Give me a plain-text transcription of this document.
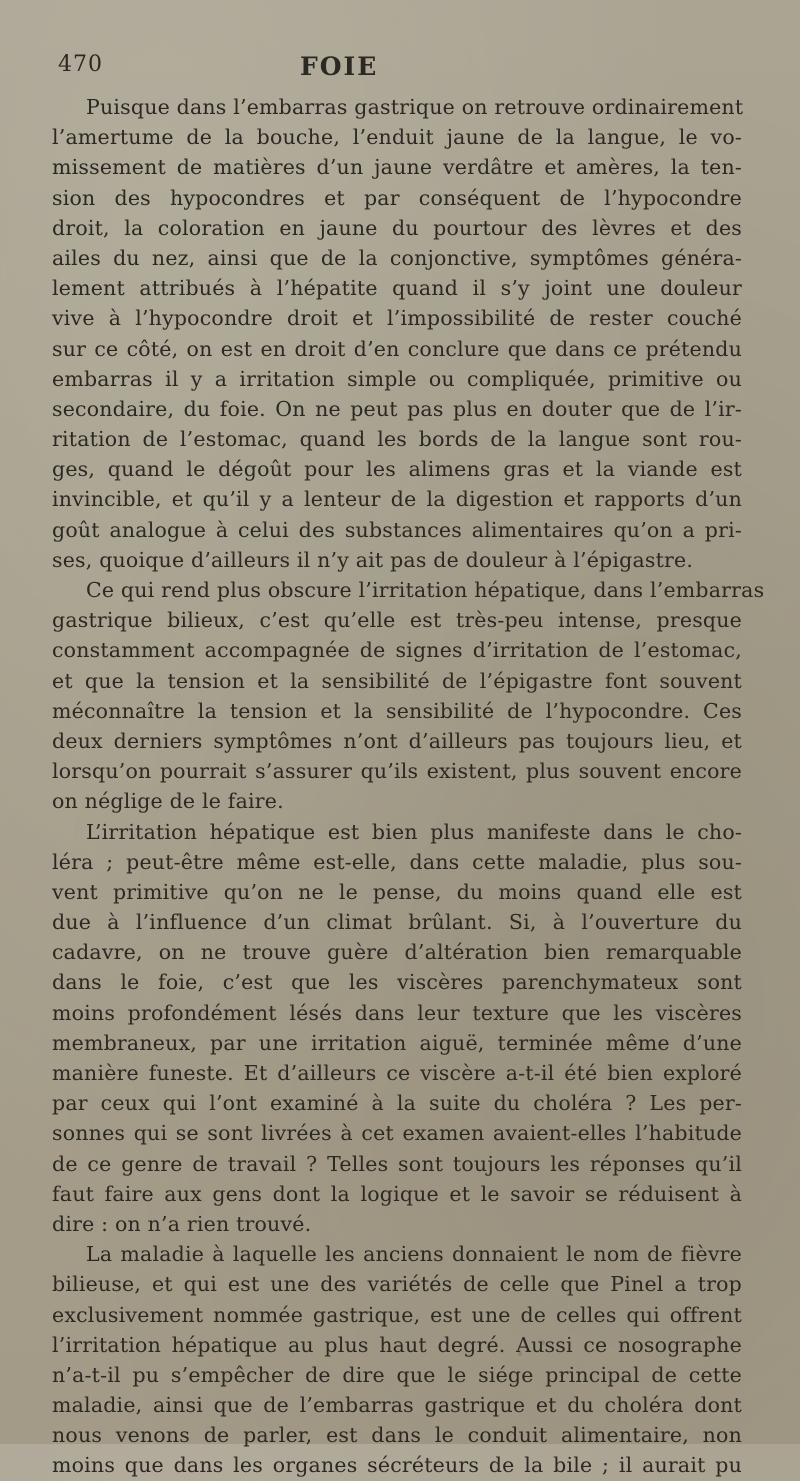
470	FOIE
Puisque dans l’embarras gastrique on retrouve ordinairement
l’amertume de la bouche, l’enduit jaune de la langue, le vo-
missement de matières d’un jaune verdâtre et amères, la ten-
sion des hypocondres et par conséquent de l’hypocondre
droit, la coloration en jaune du pourtour des lèvres et des
ailes du nez, ainsi que de la conjonctive, symptômes généra-
lement attribués à l’hépatite quand il s’y joint une douleur
vive à l’hypocondre droit et l’impossibilité de rester couché
sur ce côté, on est en droit d’en conclure que dans ce prétendu
embarras il y a irritation simple ou compliquée, primitive ou
secondaire, du foie. On ne peut pas plus en douter que de l’ir-
ritation de l’estomac, quand les bords de la langue sont rou-
ges, quand le dégoût pour les alimens gras et la viande est
invincible, et qu’il y a lenteur de la digestion et rapports d’un
goût analogue à celui des substances alimentaires qu’on a pri-
ses, quoique d’ailleurs il n’y ait pas de douleur à l’épigastre.
Ce qui rend plus obscure l’irritation hépatique, dans l’embarras
gastrique bilieux, c’est qu’elle est très-peu intense, presque
constamment accompagnée de signes d’irritation de l’estomac,
et que la tension et la sensibilité de l’épigastre font souvent
méconnaître la tension et la sensibilité de l’hypocondre. Ces
deux derniers symptômes n’ont d’ailleurs pas toujours lieu, et
lorsqu’on pourrait s’assurer qu’ils existent, plus souvent encore
on néglige de le faire.
L’irritation hépatique est bien plus manifeste dans le cho-
léra ; peut-être même est-elle, dans cette maladie, plus sou-
vent primitive qu’on ne le pense, du moins quand elle est
due à l’influence d’un climat brûlant. Si, à l’ouverture du
cadavre, on ne trouve guère d’altération bien remarquable
dans le foie, c’est que les viscères parenchymateux sont
moins profondément lésés dans leur texture que les viscères
membraneux, par une irritation aiguë, terminée même d’une
manière funeste. Et d’ailleurs ce viscère a-t-il été bien exploré
par ceux qui l’ont examiné à la suite du choléra ? Les per-
sonnes qui se sont livrées à cet examen avaient-elles l’habitude
de ce genre de travail ? Telles sont toujours les réponses qu’il
faut faire aux gens dont la logique et le savoir se réduisent à
dire : on n’a rien trouvé.
La maladie à laquelle les anciens donnaient le nom de fièvre
bilieuse, et qui est une des variétés de celle que Pinel a trop
exclusivement nommée gastrique, est une de celles qui offrent
l’irritation hépatique au plus haut degré. Aussi ce nosographe
n’a-t-il pu s’empêcher de dire que le siége principal de cette
maladie, ainsi que de l’embarras gastrique et du choléra dont
nous venons de parler, est dans le conduit alimentaire, non
moins que dans les organes sécréteurs de la bile ; il aurait pu
